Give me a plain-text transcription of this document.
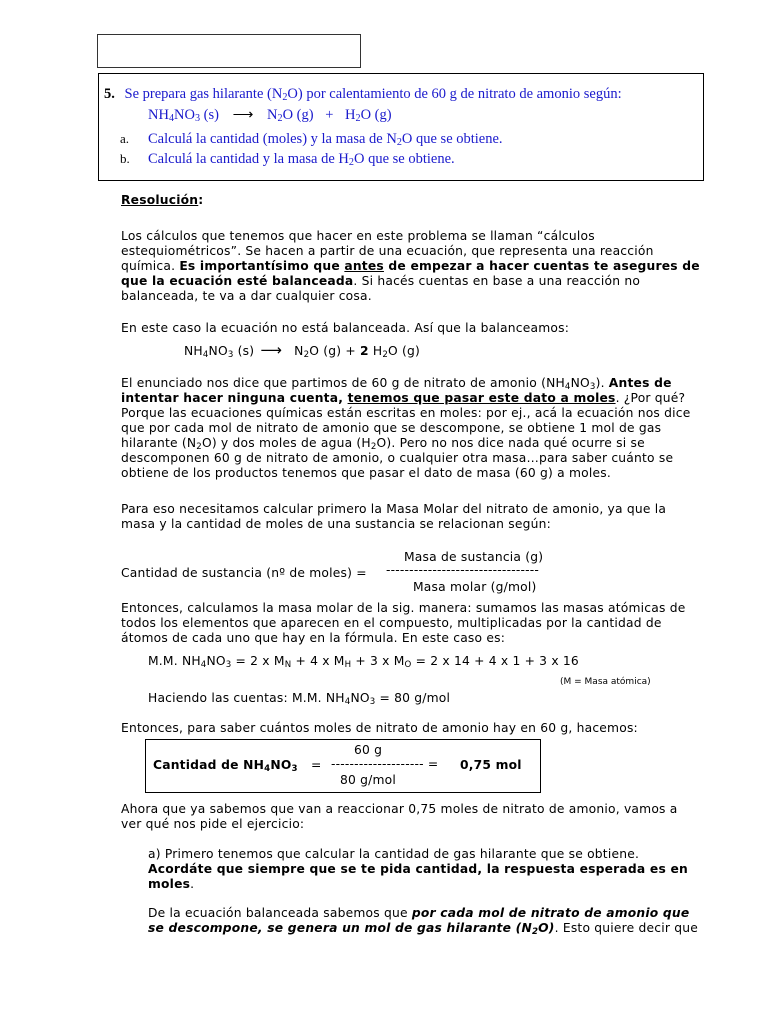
5. Se prepara gas hilarante $(N_2O)$ por calentamiento de 60 g de nitrato de amonio según:
$NH_4NO_3$ (s) ⟶ $N_2O$ $(g) + H_2O$ (g)
a. Calculá la cantidad (moles) y la masa de $N_2O$ que se obtiene.
b. Calculá la cantidad y la masa de $H_2O$ que se obtiene.
Resolución:
Los cálculos que tenemos que hacer en este problema se llaman “cálculos
estequiométricos”. Se hacen a partir de una ecuación, que representa una reacción
química. Es importantísimo que antes de empezar a hacer cuentas te asegures de
que la ecuación esté balanceada. Si hacés cuentas en base a una reacción no
balanceada, te va a dar cualquier cosa.
En este caso la ecuación no está balanceada. Así que la balanceamos:
$NH_4NO_3$ (s) ⟶ $N_2O$ (g) + 2 $H_2O$ (g)
El enunciado nos dice que partimos de 60 g de nitrato de amonio $(NH_4NO_3)$. Antes de
intentar hacer ninguna cuenta, tenemos que pasar este dato a moles. ¿Por qué?
Porque las ecuaciones químicas están escritas en moles: por ej., acá la ecuación nos dice
que por cada mol de nitrato de amonio que se descompone, se obtiene 1 mol de gas
hilarante $(N_2O)$ y dos moles de agua $(H_2O)$. Pero no nos dice nada qué ocurre si se
descomponen 60 g de nitrato de amonio, o cualquier otra masa…para saber cuánto se
obtiene de los productos tenemos que pasar el dato de masa (60 g) a moles.
Para eso necesitamos calcular primero la Masa Molar del nitrato de amonio, ya que la
masa y la cantidad de moles de una sustancia se relacionan según:
Masa de sustancia (g)
Cantidad de sustancia (nº de moles) = ---------------------------------
Masa molar (g/mol)
Entonces, calculamos la masa molar de la sig. manera: sumamos las masas atómicas de
todos los elementos que aparecen en el compuesto, multiplicadas por la cantidad de
átomos de cada uno que hay en la fórmula. En este caso es:
M.M. $NH_4NO_3 = 2$ x $M_N + 4$ x $M_H + 3$ x $M_O = 2$ x 14 + 4 x 1 + 3 x 16
(M = Masa atómica)
Haciendo las cuentas: M.M. $NH_4NO_3 = 80$ g/mol
Entonces, para saber cuántos moles de nitrato de amonio hay en 60 g, hacemos:
60 g
Cantidad de $NH_4NO_3$ = -------------------- = 0,75 mol
80 g/mol
Ahora que ya sabemos que van a reaccionar 0,75 moles de nitrato de amonio, vamos a
ver qué nos pide el ejercicio:
a) Primero tenemos que calcular la cantidad de gas hilarante que se obtiene.
Acordáte que siempre que se te pida cantidad, la respuesta esperada es en
moles.
De la ecuación balanceada sabemos que por cada mol de nitrato de amonio que
se descompone, se genera un mol de gas hilarante $(N_2O)$. Esto quiere decir que
